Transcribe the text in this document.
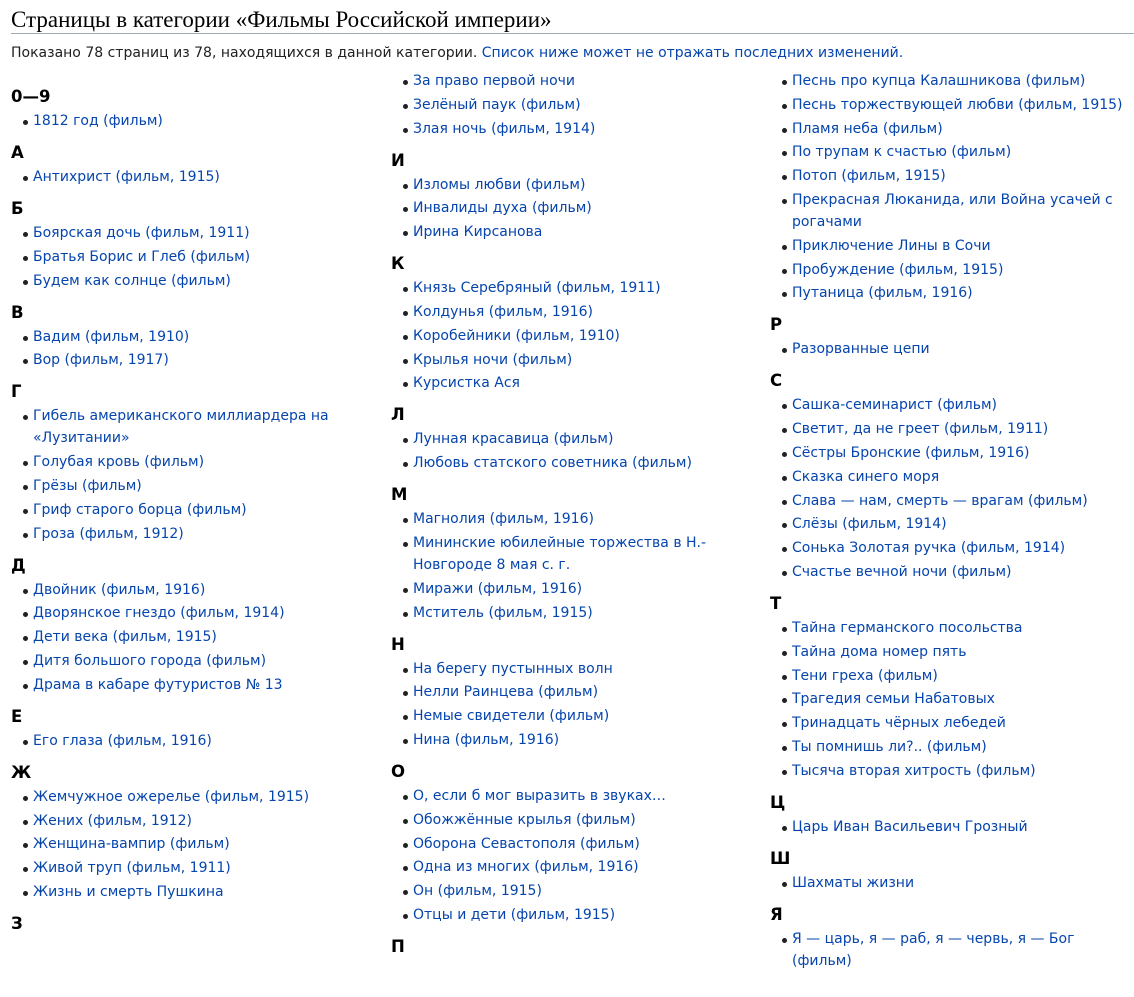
Страницы в категории «Фильмы Российской империи»
Показано 78 страниц из 78, находящихся в данной категории. Список ниже может не отражать последних изменений.
0—9
1812 год (фильм)
А
Антихрист (фильм, 1915)
Б
Боярская дочь (фильм, 1911)
Братья Борис и Глеб (фильм)
Будем как солнце (фильм)
В
Вадим (фильм, 1910)
Вор (фильм, 1917)
Г
Гибель американского миллиардера на «Лузитании»
Голубая кровь (фильм)
Грёзы (фильм)
Гриф старого борца (фильм)
Гроза (фильм, 1912)
Д
Двойник (фильм, 1916)
Дворянское гнездо (фильм, 1914)
Дети века (фильм, 1915)
Дитя большого города (фильм)
Драма в кабаре футуристов № 13
Е
Его глаза (фильм, 1916)
Ж
Жемчужное ожерелье (фильм, 1915)
Жених (фильм, 1912)
Женщина-вампир (фильм)
Живой труп (фильм, 1911)
Жизнь и смерть Пушкина
З
За право первой ночи
Зелёный паук (фильм)
Злая ночь (фильм, 1914)
И
Изломы любви (фильм)
Инвалиды духа (фильм)
Ирина Кирсанова
К
Князь Серебряный (фильм, 1911)
Колдунья (фильм, 1916)
Коробейники (фильм, 1910)
Крылья ночи (фильм)
Курсистка Ася
Л
Лунная красавица (фильм)
Любовь статского советника (фильм)
М
Магнолия (фильм, 1916)
Мининские юбилейные торжества в Н.-Новгороде 8 мая с. г.
Миражи (фильм, 1916)
Мститель (фильм, 1915)
Н
На берегу пустынных волн
Нелли Раинцева (фильм)
Немые свидетели (фильм)
Нина (фильм, 1916)
О
О, если б мог выразить в звуках…
Обожжённые крылья (фильм)
Оборона Севастополя (фильм)
Одна из многих (фильм, 1916)
Он (фильм, 1915)
Отцы и дети (фильм, 1915)
П
Песнь про купца Калашникова (фильм)
Песнь торжествующей любви (фильм, 1915)
Пламя неба (фильм)
По трупам к счастью (фильм)
Потоп (фильм, 1915)
Прекрасная Люканида, или Война усачей с рогачами
Приключение Лины в Сочи
Пробуждение (фильм, 1915)
Путаница (фильм, 1916)
Р
Разорванные цепи
С
Сашка-семинарист (фильм)
Светит, да не греет (фильм, 1911)
Сёстры Бронские (фильм, 1916)
Сказка синего моря
Слава — нам, смерть — врагам (фильм)
Слёзы (фильм, 1914)
Сонька Золотая ручка (фильм, 1914)
Счастье вечной ночи (фильм)
Т
Тайна германского посольства
Тайна дома номер пять
Тени греха (фильм)
Трагедия семьи Набатовых
Тринадцать чёрных лебедей
Ты помнишь ли?.. (фильм)
Тысяча вторая хитрость (фильм)
Ц
Царь Иван Васильевич Грозный
Ш
Шахматы жизни
Я
Я — царь, я — раб, я — червь, я — Бог (фильм)
